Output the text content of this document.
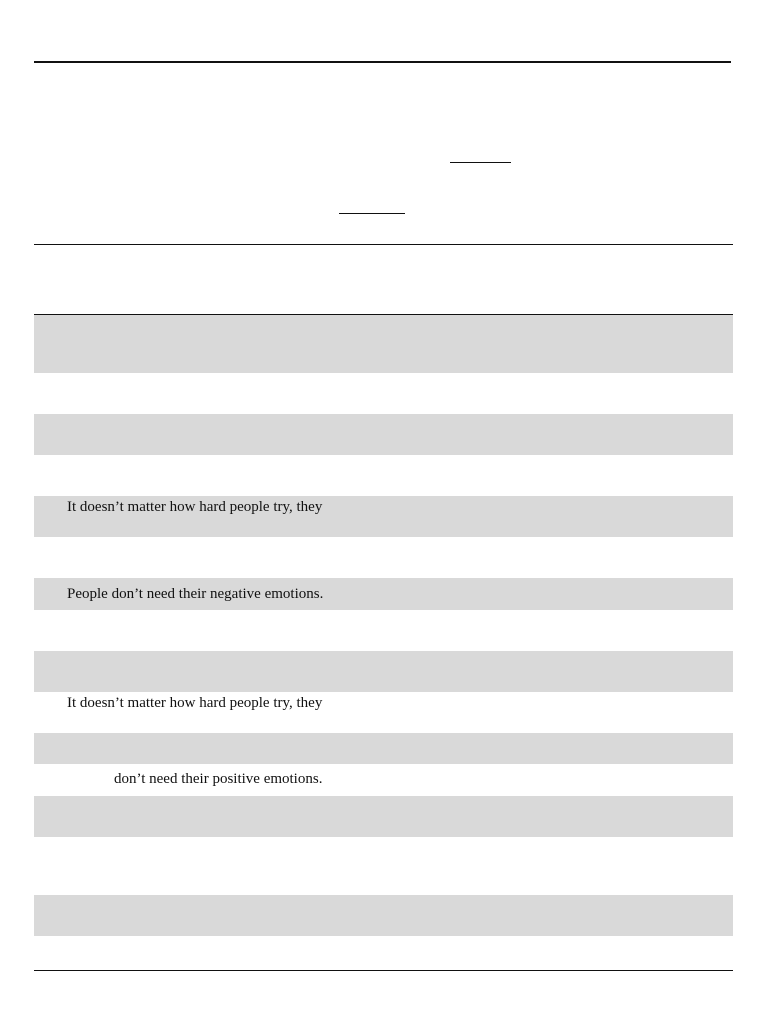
It doesn’t matter how hard people try, they
People don’t need their negative emotions.
It doesn’t matter how hard people try, they
don’t need their positive emotions.
